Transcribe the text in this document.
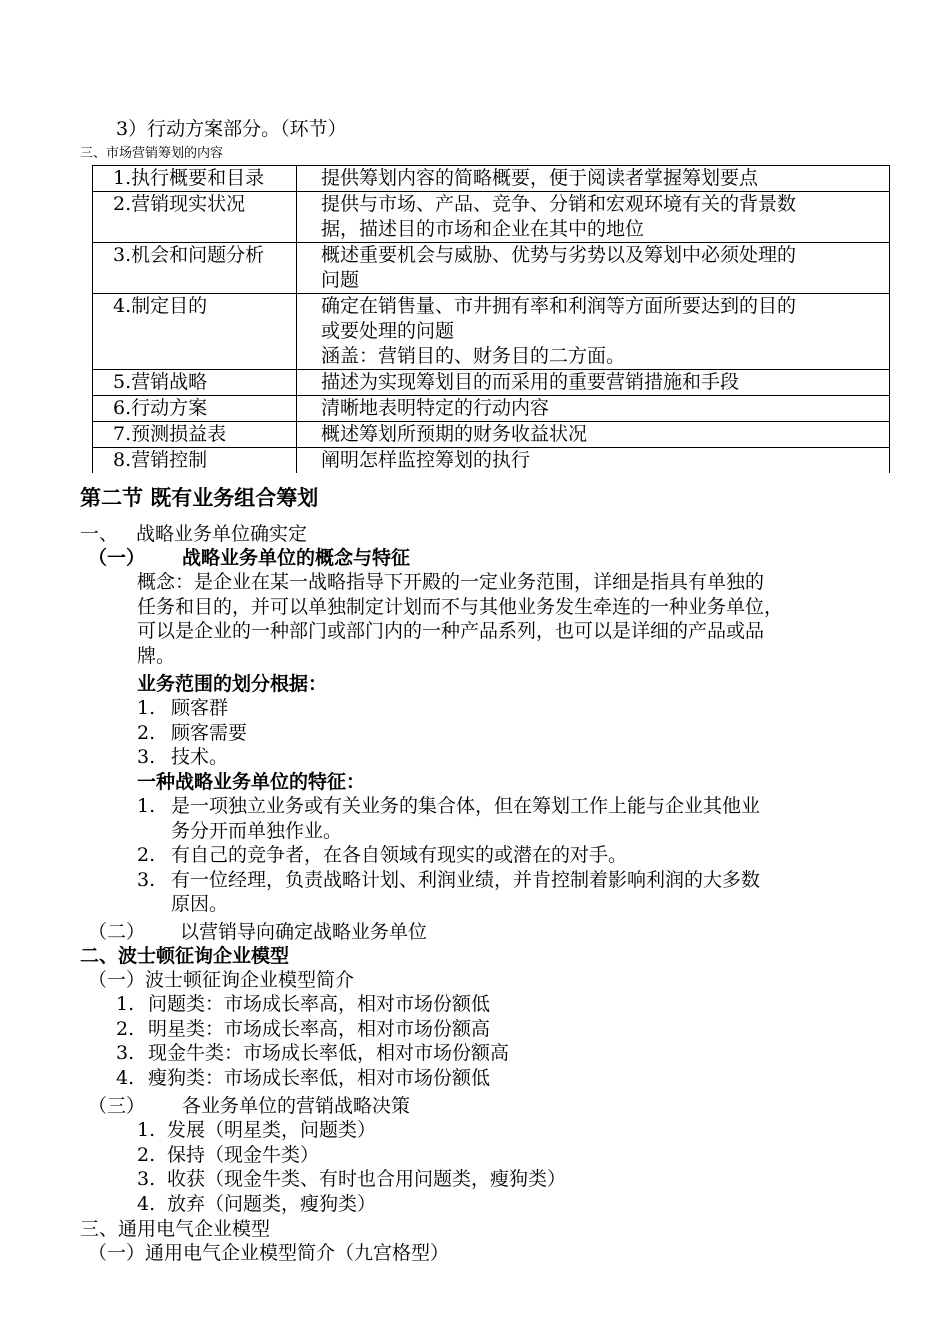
3）行动方案部分。（环节）
三、市场营销筹划的内容
1.执行概要和目录	提供筹划内容的简略概要，便于阅读者掌握筹划要点

2.营销现实状况	提供与市场、产品、竞争、分销和宏观环境有关的背景数
据，描述目的市场和企业在其中的地位

3.机会和问题分析	概述重要机会与威胁、优势与劣势以及筹划中必须处理的
问题

4.制定目的	确定在销售量、市井拥有率和利润等方面所要达到的目的
或要处理的问题
涵盖：营销目的、财务目的二方面。

5.营销战略	描述为实现筹划目的而采用的重要营销措施和手段

6.行动方案	清晰地表明特定的行动内容

7.预测损益表	概述筹划所预期的财务收益状况

8.营销控制	阐明怎样监控筹划的执行
第二节 既有业务组合筹划
一、 战略业务单位确实定
（一） 战略业务单位的概念与特征
概念：是企业在某一战略指导下开殿的一定业务范围，详细是指具有单独的
任务和目的，并可以单独制定计划而不与其他业务发生牵连的一种业务单位，
可以是企业的一种部门或部门内的一种产品系列，也可以是详细的产品或品
牌。
业务范围的划分根据：
1. 顾客群
2. 顾客需要
3. 技术。
一种战略业务单位的特征：
1. 是一项独立业务或有关业务的集合体，但在筹划工作上能与企业其他业
务分开而单独作业。
2. 有自己的竞争者，在各自领域有现实的或潜在的对手。
3. 有一位经理，负责战略计划、利润业绩，并肯控制着影响利润的大多数
原因。
（二） 以营销导向确定战略业务单位
二、波士顿征询企业模型
（一）波士顿征询企业模型简介
1. 问题类：市场成长率高，相对市场份额低
2. 明星类：市场成长率高，相对市场份额高
3. 现金牛类：市场成长率低，相对市场份额高
4. 瘦狗类：市场成长率低，相对市场份额低
（三） 各业务单位的营销战略决策
1. 发展（明星类，问题类）
2. 保持（现金牛类）
3. 收获（现金牛类、有时也合用问题类，瘦狗类）
4. 放弃（问题类，瘦狗类）
三、通用电气企业模型
（一）通用电气企业模型简介（九宫格型）
